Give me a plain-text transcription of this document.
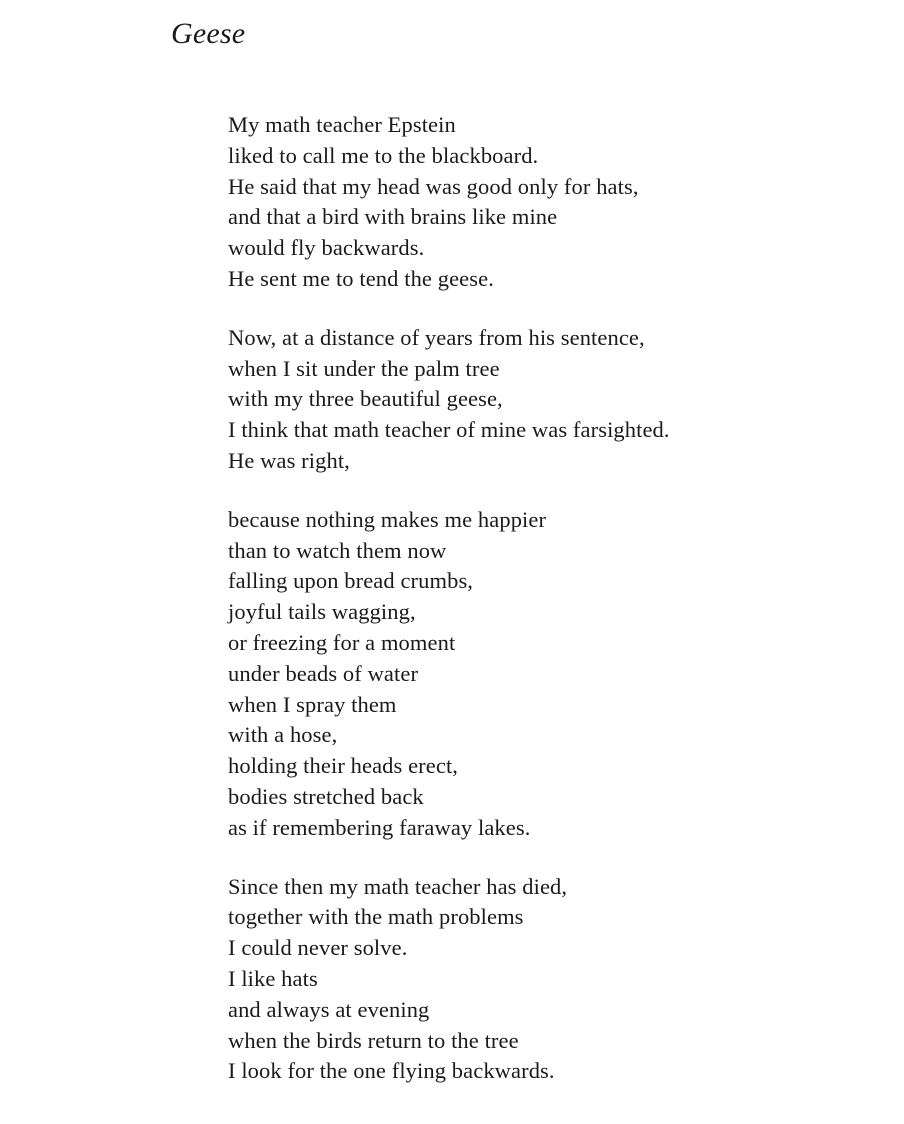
Geese
My math teacher Epstein
liked to call me to the blackboard.
He said that my head was good only for hats,
and that a bird with brains like mine
would fly backwards.
He sent me to tend the geese.
Now, at a distance of years from his sentence,
when I sit under the palm tree
with my three beautiful geese,
I think that math teacher of mine was farsighted.
He was right,
because nothing makes me happier
than to watch them now
falling upon bread crumbs,
joyful tails wagging,
or freezing for a moment
under beads of water
when I spray them
with a hose,
holding their heads erect,
bodies stretched back
as if remembering faraway lakes.
Since then my math teacher has died,
together with the math problems
I could never solve.
I like hats
and always at evening
when the birds return to the tree
I look for the one flying backwards.
